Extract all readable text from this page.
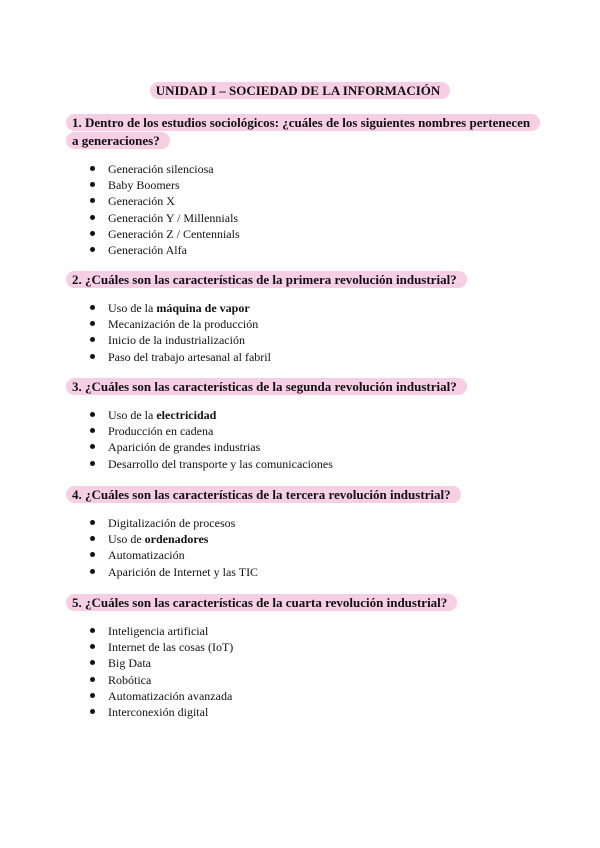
UNIDAD I – SOCIEDAD DE LA INFORMACIÓN
1. Dentro de los estudios sociológicos: ¿cuáles de los siguientes nombres pertenecen a generaciones?
Generación silenciosa
Baby Boomers
Generación X
Generación Y / Millennials
Generación Z / Centennials
Generación Alfa
2. ¿Cuáles son las características de la primera revolución industrial?
Uso de la máquina de vapor
Mecanización de la producción
Inicio de la industrialización
Paso del trabajo artesanal al fabril
3. ¿Cuáles son las características de la segunda revolución industrial?
Uso de la electricidad
Producción en cadena
Aparición de grandes industrias
Desarrollo del transporte y las comunicaciones
4. ¿Cuáles son las características de la tercera revolución industrial?
Digitalización de procesos
Uso de ordenadores
Automatización
Aparición de Internet y las TIC
5. ¿Cuáles son las características de la cuarta revolución industrial?
Inteligencia artificial
Internet de las cosas (IoT)
Big Data
Robótica
Automatización avanzada
Interconexión digital
